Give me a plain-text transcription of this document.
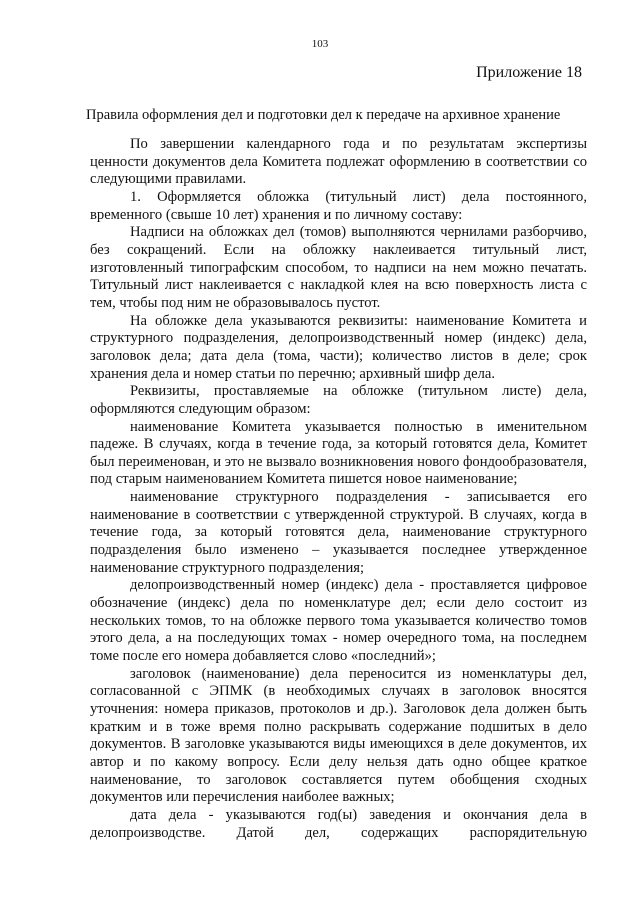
103
Приложение 18
Правила оформления дел и подготовки дел к передаче на архивное хранение

По завершении календарного года и по результатам экспертизы ценности документов дела Комитета подлежат оформлению в соответствии со следующими правилами.

1. Оформляется обложка (титульный лист) дела постоянного, временного (свыше 10 лет) хранения и по личному составу:

Надписи на обложках дел (томов) выполняются чернилами разборчиво, без сокращений. Если на обложку наклеивается титульный лист, изготовленный типографским способом, то надписи на нем можно печатать. Титульный лист наклеивается с накладкой клея на всю поверхность листа с тем, чтобы под ним не образовывалось пустот.

На обложке дела указываются реквизиты: наименование Комитета и структурного подразделения, делопроизводственный номер (индекс) дела, заголовок дела; дата дела (тома, части); количество листов в деле; срок хранения дела и номер статьи по перечню; архивный шифр дела.

Реквизиты, проставляемые на обложке (титульном листе) дела, оформляются следующим образом:

наименование Комитета указывается полностью в именительном падеже. В случаях, когда в течение года, за который готовятся дела, Комитет был переименован, и это не вызвало возникновения нового фондообразователя, под старым наименованием Комитета пишется новое наименование;

наименование структурного подразделения - записывается его наименование в соответствии с утвержденной структурой. В случаях, когда в течение года, за который готовятся дела, наименование структурного подразделения было изменено – указывается последнее утвержденное наименование структурного подразделения;

делопроизводственный номер (индекс) дела - проставляется цифровое обозначение (индекс) дела по номенклатуре дел; если дело состоит из нескольких томов, то на обложке первого тома указывается количество томов этого дела, а на последующих томах - номер очередного тома, на последнем томе после его номера добавляется слово «последний»;

заголовок (наименование) дела переносится из номенклатуры дел, согласованной с ЭПМК (в необходимых случаях в заголовок вносятся уточнения: номера приказов, протоколов и др.). Заголовок дела должен быть кратким и в тоже время полно раскрывать содержание подшитых в дело документов. В заголовке указываются виды имеющихся в деле документов, их автор и по какому вопросу. Если делу нельзя дать одно общее краткое наименование, то заголовок составляется путем обобщения сходных документов или перечисления наиболее важных;

дата дела - указываются год(ы) заведения и окончания дела в делопроизводстве. Датой дел, содержащих распорядительную
